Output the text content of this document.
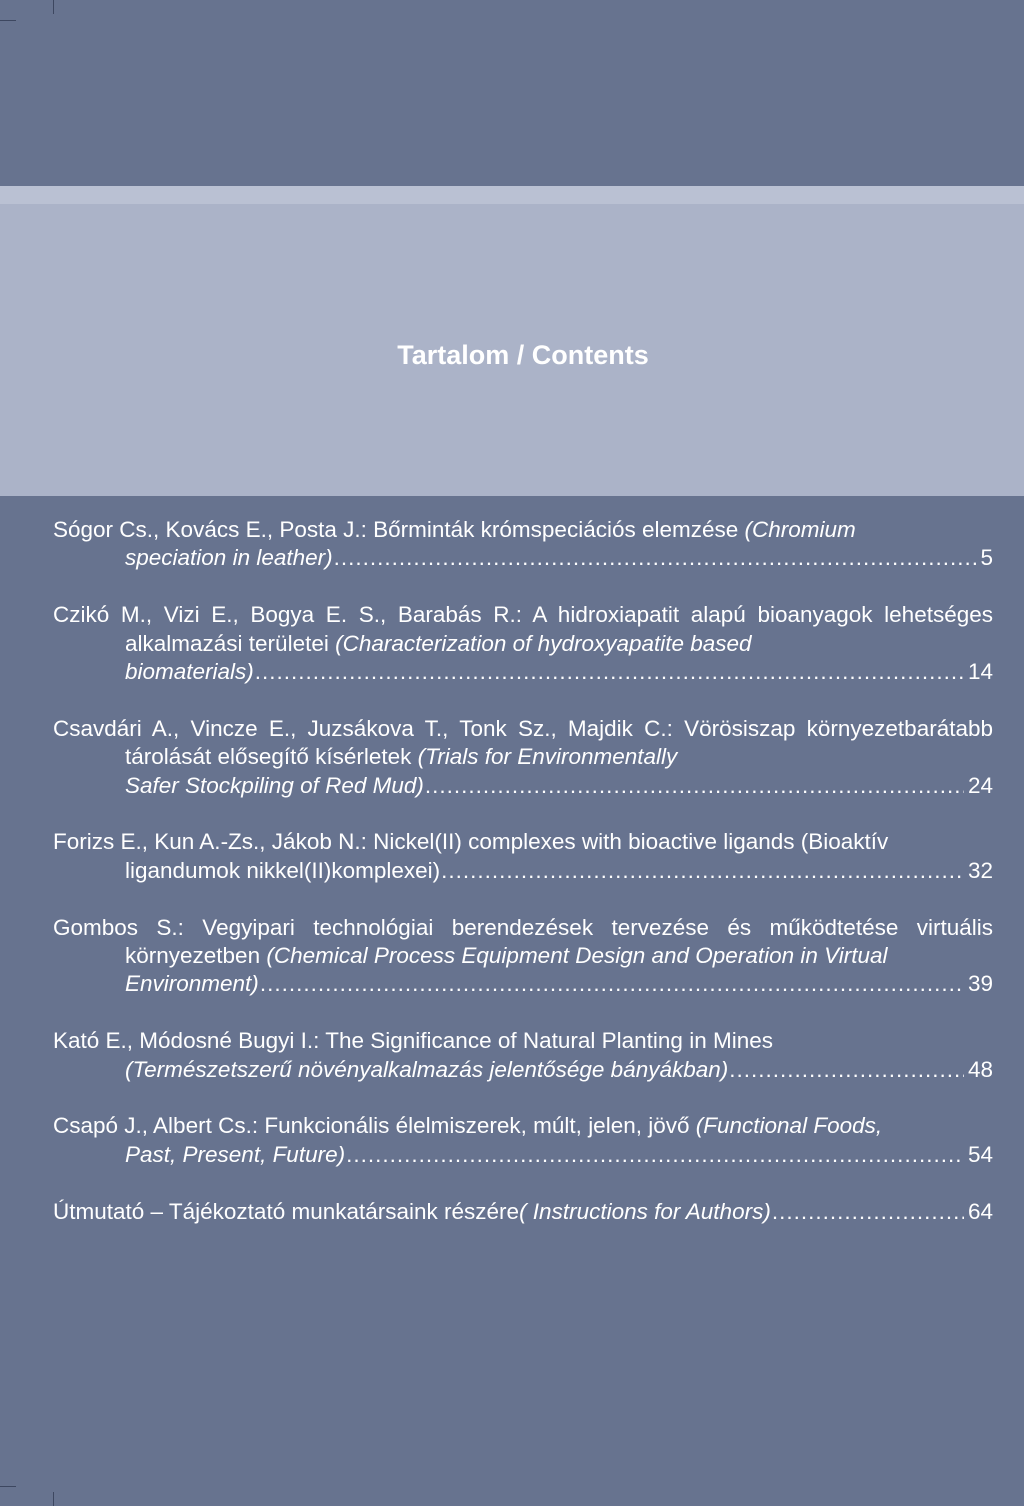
Tartalom / Contents
Sógor Cs., Kovács E., Posta J.: Bőrminták krómspeciációs elemzése (Chromium
speciation in leather) .....	5
Czikó M., Vizi E., Bogya E. S., Barabás R.: A hidroxiapatit alapú bioanyagok lehetséges alkalmazási területei (Characterization of hydroxyapatite based
biomaterials) .....	14
Csavdári A., Vincze E., Juzsákova T., Tonk Sz., Majdik C.: Vörösiszap környezetbarátabb tárolását elősegítő kísérletek (Trials for Environmentally
Safer Stockpiling of Red Mud) .....	24
Forizs E., Kun A.-Zs., Jákob N.: Nickel(II) complexes with bioactive ligands (Bioaktív
ligandumok nikkel(II)komplexei) .....	32
Gombos S.: Vegyipari technológiai berendezések tervezése és működtetése virtuális környezetben (Chemical Process Equipment Design and Operation in Virtual
Environment) .....	39
Kató E., Módosné Bugyi I.: The Significance of Natural Planting in Mines
(Természetszerű növényalkalmazás jelentősége bányákban) .....	48
Csapó J., Albert Cs.: Funkcionális élelmiszerek, múlt, jelen, jövő (Functional Foods,
Past, Present, Future) .....	54
Útmutató – Tájékoztató munkatársaink részére ( Instructions for Authors) .....	64
